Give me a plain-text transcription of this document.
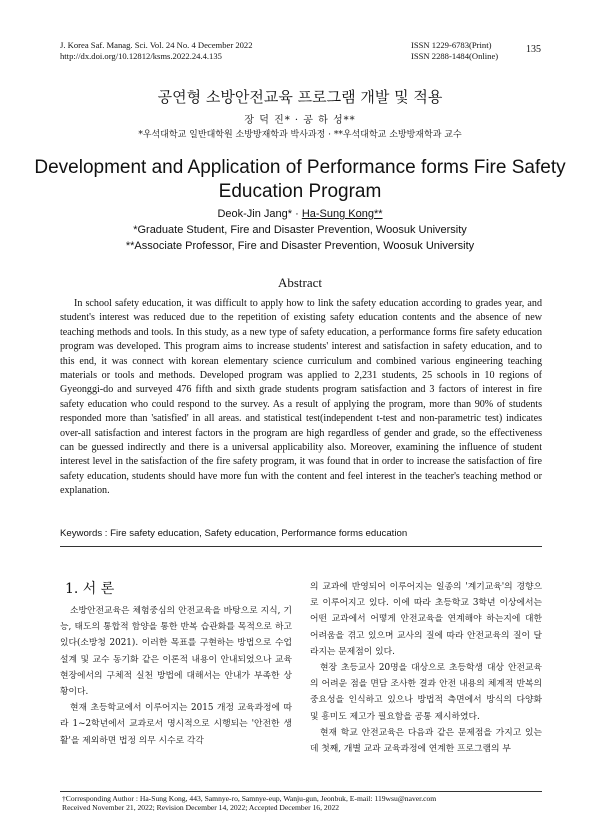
J. Korea Saf. Manag. Sci. Vol. 24 No. 4 December 2022
http://dx.doi.org/10.12812/ksms.2022.24.4.135
ISSN 1229-6783(Print)
ISSN 2288-1484(Online)
135
공연형 소방안전교육 프로그램 개발 및 적용
장 덕 진* · 공 하 성**
*우석대학교 일반대학원 소방방재학과 박사과정 · **우석대학교 소방방재학과 교수
Development and Application of Performance forms Fire Safety
Education Program
Deok-Jin Jang* · Ha-Sung Kong**
*Graduate Student, Fire and Disaster Prevention, Woosuk University
**Associate Professor, Fire and Disaster Prevention, Woosuk University
Abstract
In school safety education, it was difficult to apply how to link the safety education according to grades year, and student's interest was reduced due to the repetition of existing safety education contents and the absence of new teaching methods and tools. In this study, as a new type of safety education, a performance forms fire safety education program was developed. This program aims to increase students' interest and satisfaction in safety education, and to this end, it was connect with korean elementary science curriculum and combined various engineering teaching materials or tools and methods. Developed program was applied to 2,231 students, 25 schools in 10 regions of Gyeonggi-do and surveyed 476 fifth and sixth grade students program satisfaction and 3 factors of interest in fire safety education who could respond to the survey. As a result of applying the program, more than 90% of students responded more than 'satisfied' in all areas. and statistical test(independent t-test and non-parametric test) indicates over-all satisfaction and interest factors in the program are high regardless of gender and grade, so the effectiveness can be guessed indirectly and there is a universal applicability also. Moreover, examining the influence of student interest level in the satisfaction of the fire safety program, it was found that in order to increase the satisfaction of fire safety education, students should have more fun with the content and feel interest in the teacher's teaching method or explanation.
Keywords : Fire safety education, Safety education, Performance forms education
1. 서 론

소방안전교육은 체험중심의 안전교육을 바탕으로 지식, 기능, 태도의 통합적 함양을 통한 반복 습관화를 목적으로 하고 있다(소방청 2021). 이러한 목표를 구현하는 방법으로 수업 설계 및 교수 동기화 같은 이론적 내용이 안내되었으나 교육 현장에서의 구체적 실천 방법에 대해서는 안내가 부족한 상황이다.

현재 초등학교에서 이루어지는 2015 개정 교육과정에 따라 1~2학년에서 교과로서 명시적으로 시행되는 '안전한 생활'을 제외하면 법정 의무 시수로 각각

의 교과에 반영되어 이루어지는 일종의 '계기교육'의 경향으로 이루어지고 있다. 이에 따라 초등학교 3학년 이상에서는 어떤 교과에서 어떻게 안전교육을 연계해야 하는지에 대한 어려움을 겪고 있으며 교사의 질에 따라 안전교육의 질이 달라지는 문제점이 있다.

현장 초등교사 20명을 대상으로 초등학생 대상 안전교육의 어려운 점을 면담 조사한 결과 안전 내용의 체계적 반복의 중요성을 인식하고 있으나 방법적 측면에서 방식의 다양화 및 흥미도 제고가 필요함을 공통 제시하였다.

현재 학교 안전교육은 다음과 같은 문제점을 가지고 있는데 첫째, 개별 교과 교육과정에 연계한 프로그램의 부

†Corresponding Author : Ha-Sung Kong, 443, Samnye-ro, Samnye-eup, Wanju-gun, Jeonbuk, E-mail: 119wsu@naver.com
Received November 21, 2022; Revision December 14, 2022; Accepted December 16, 2022
